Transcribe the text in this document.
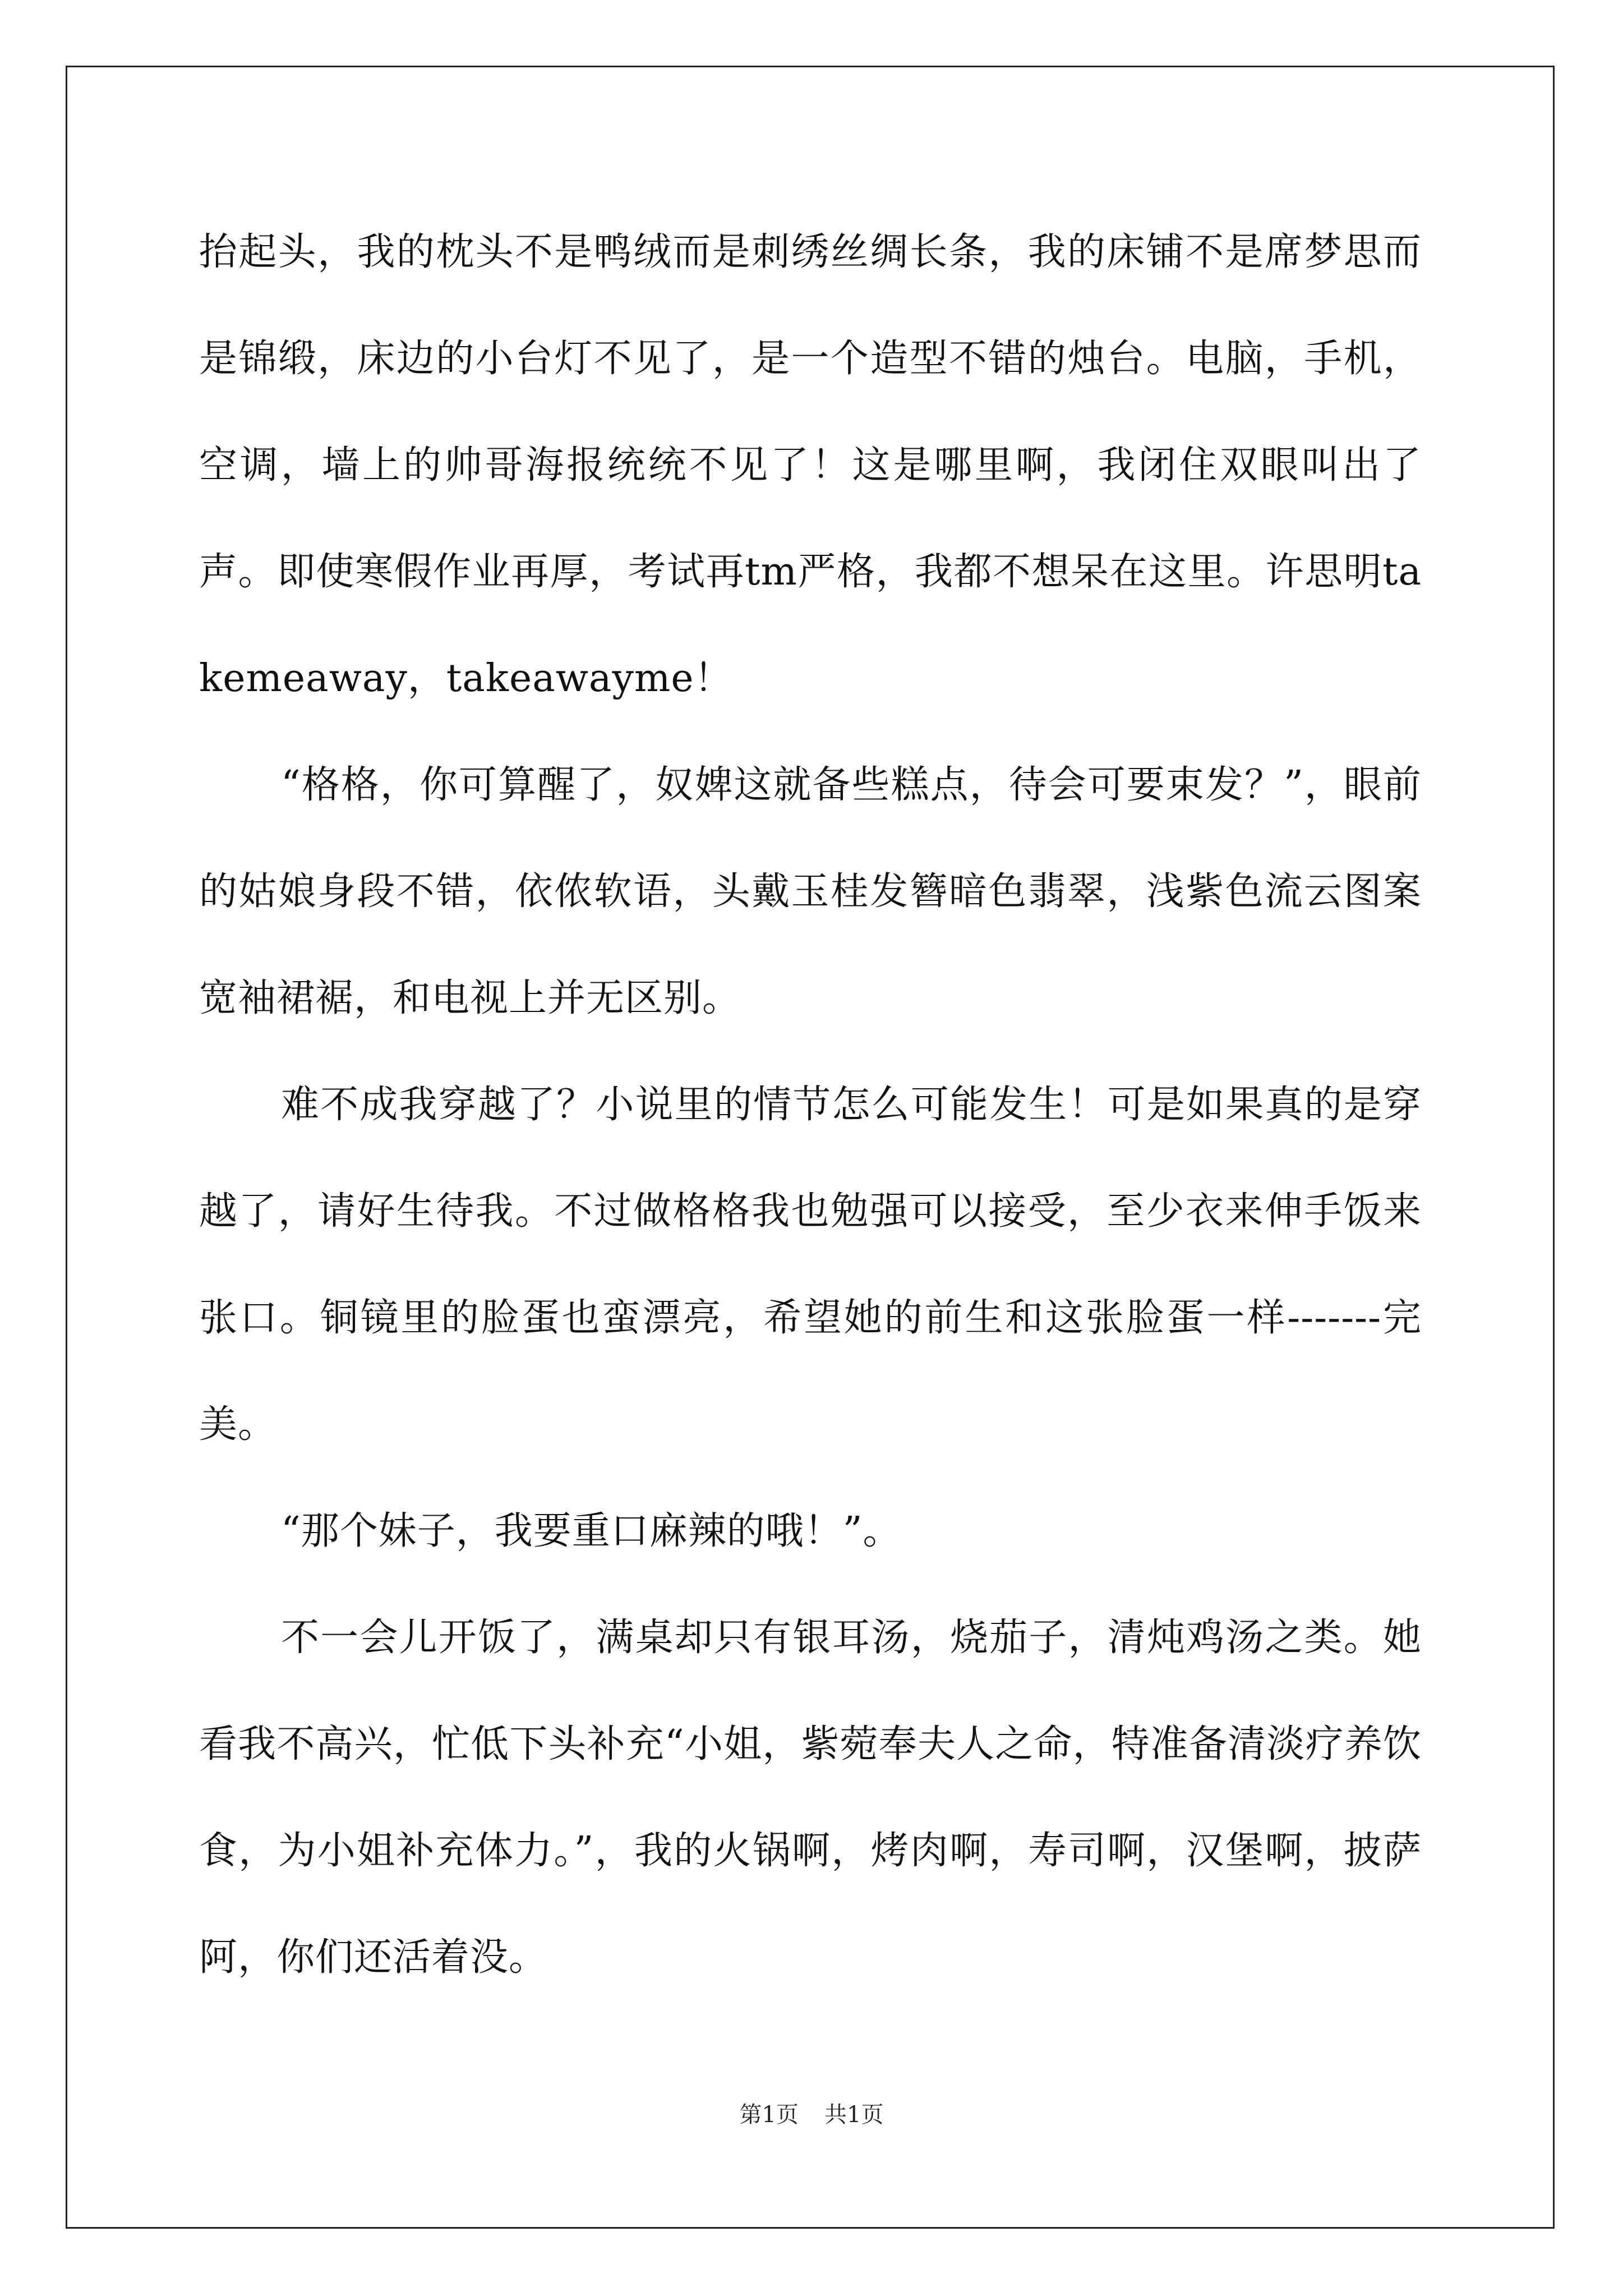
抬起头，我的枕头不是鸭绒而是刺绣丝绸长条，我的床铺不是席梦思而是锦缎，床边的小台灯不见了，是一个造型不错的烛台。电脑，手机，空调，墙上的帅哥海报统统不见了！这是哪里啊，我闭住双眼叫出了声。即使寒假作业再厚，考试再tm严格，我都不想呆在这里。许思明takemeaway，takeawayme！

“格格，你可算醒了，奴婢这就备些糕点，待会可要束发？”，眼前的姑娘身段不错，依侬软语，头戴玉桂发簪暗色翡翠，浅紫色流云图案宽袖裙裾，和电视上并无区别。

难不成我穿越了？小说里的情节怎么可能发生！可是如果真的是穿越了，请好生待我。不过做格格我也勉强可以接受，至少衣来伸手饭来张口。铜镜里的脸蛋也蛮漂亮，希望她的前生和这张脸蛋一样-------完美。

“那个妹子，我要重口麻辣的哦！”。

不一会儿开饭了，满桌却只有银耳汤，烧茄子，清炖鸡汤之类。她看我不高兴，忙低下头补充“小姐，紫菀奉夫人之命，特准备清淡疗养饮食，为小姐补充体力。”，我的火锅啊，烤肉啊，寿司啊，汉堡啊，披萨阿，你们还活着没。

第1页 共1页
